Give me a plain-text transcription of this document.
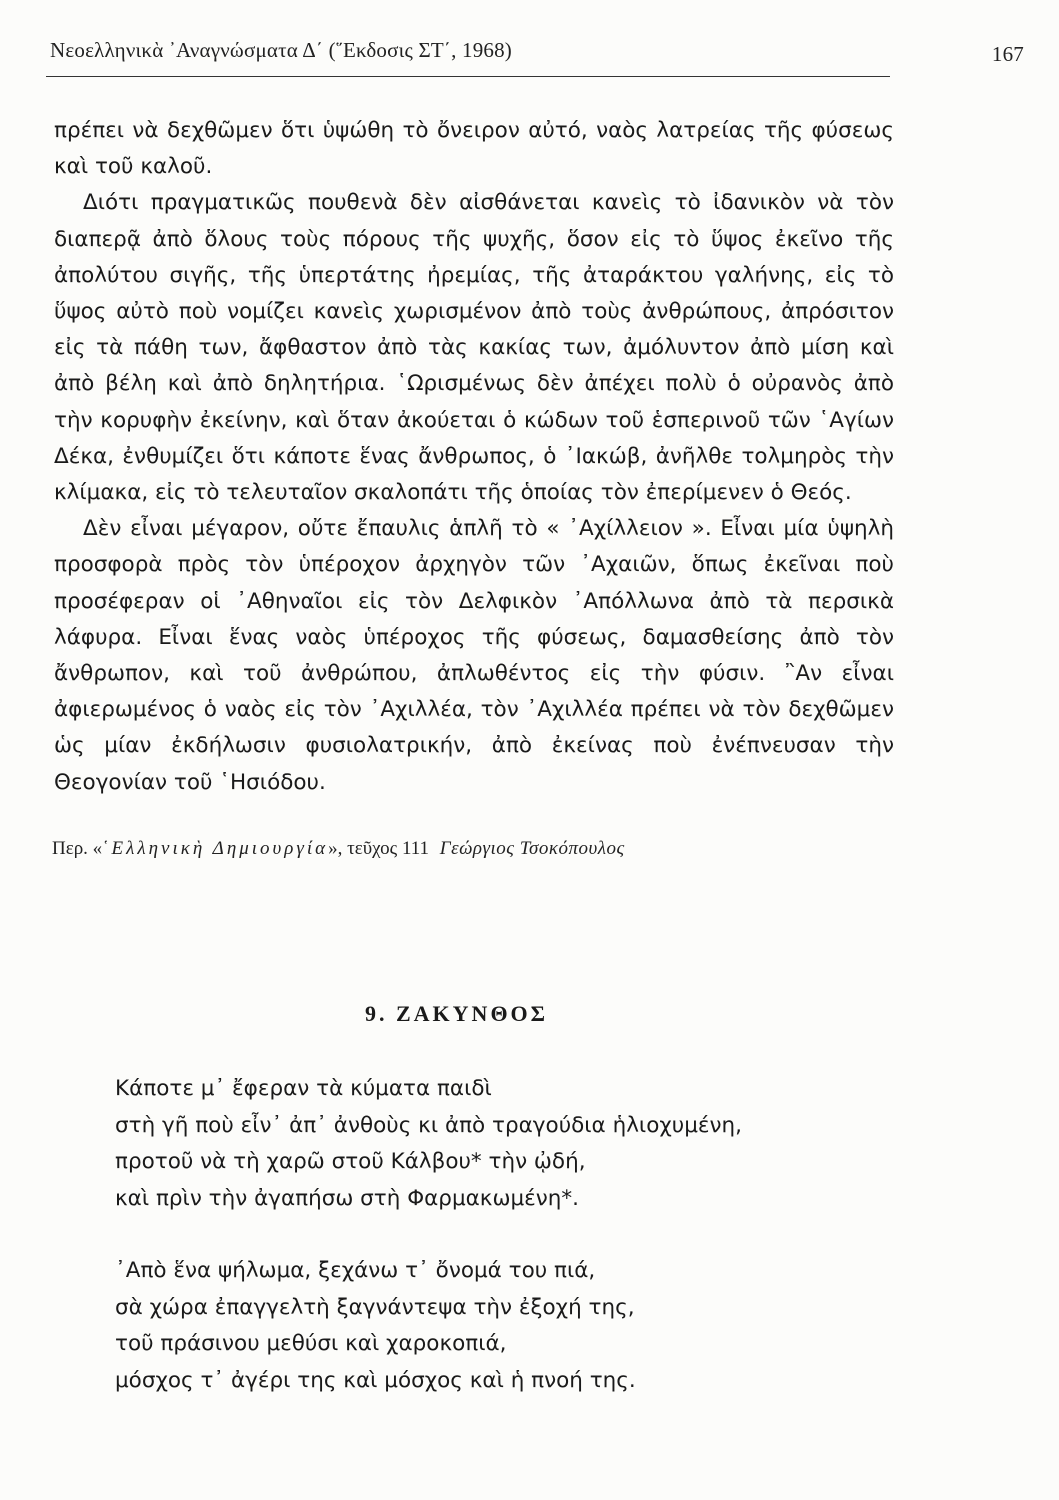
Νεοελληνικὰ ᾿Αναγνώσματα Δ΄ (῞Εκδοσις ΣΤ΄, 1968)	167

πρέπει νὰ δεχθῶμεν ὅτι ὑψώθη τὸ ὄνειρον αὐτό, ναὸς λατρείας τῆς φύσεως καὶ τοῦ καλοῦ.

Διότι πραγματικῶς πουθενὰ δὲν αἰσθάνεται κανεὶς τὸ ἰδανικὸν νὰ τὸν διαπερᾷ ἀπὸ ὅλους τοὺς πόρους τῆς ψυχῆς, ὅσον εἰς τὸ ὕψος ἐκεῖνο τῆς ἀπολύτου σιγῆς, τῆς ὑπερτάτης ἠρεμίας, τῆς ἀταράκτου γαλήνης, εἰς τὸ ὕψος αὐτὸ ποὺ νομίζει κανεὶς χωρισμένον ἀπὸ τοὺς ἀνθρώπους, ἀπρόσιτον εἰς τὰ πάθη των, ἄφθαστον ἀπὸ τὰς κακίας των, ἀμόλυντον ἀπὸ μίση καὶ ἀπὸ βέλη καὶ ἀπὸ δηλητήρια. ῾Ωρισμένως δὲν ἀπέχει πολὺ ὁ οὐρανὸς ἀπὸ τὴν κορυφὴν ἐκείνην, καὶ ὅταν ἀκούεται ὁ κώδων τοῦ ἑσπερινοῦ τῶν ῾Αγίων Δέκα, ἐνθυμίζει ὅτι κάποτε ἕνας ἄνθρωπος, ὁ ᾿Ιακώβ, ἀνῆλθε τολμηρὸς τὴν κλίμακα, εἰς τὸ τελευταῖον σκαλοπάτι τῆς ὁποίας τὸν ἐπερίμενεν ὁ Θεός.

Δὲν εἶναι μέγαρον, οὔτε ἔπαυλις ἁπλῆ τὸ « ᾿Αχίλλειον ». Εἶναι μία ὑψηλὴ προσφορὰ πρὸς τὸν ὑπέροχον ἀρχηγὸν τῶν ᾿Αχαιῶν, ὅπως ἐκεῖναι ποὺ προσέφεραν οἱ ᾿Αθηναῖοι εἰς τὸν Δελφικὸν ᾿Απόλλωνα ἀπὸ τὰ περσικὰ λάφυρα. Εἶναι ἕνας ναὸς ὑπέροχος τῆς φύσεως, δαμασθείσης ἀπὸ τὸν ἄνθρωπον, καὶ τοῦ ἀνθρώπου, ἀπλωθέντος εἰς τὴν φύσιν. ῍Αν εἶναι ἀφιερωμένος ὁ ναὸς εἰς τὸν ᾿Αχιλλέα, τὸν ᾿Αχιλλέα πρέπει νὰ τὸν δεχθῶμεν ὡς μίαν ἐκδήλωσιν φυσιολατρικήν, ἀπὸ ἐκείνας ποὺ ἐνέπνευσαν τὴν Θεογονίαν τοῦ ῾Ησιόδου.

Περ. «῾Ελληνικὴ Δημιουργία», τεῦχος 111 Γεώργιος Τσοκόπουλος
9. ΖΑΚΥΝΘΟΣ
Κάποτε μ᾿ ἔφεραν τὰ κύματα παιδὶ
στὴ γῆ ποὺ εἶν᾿ ἀπ᾿ ἀνθοὺς κι ἀπὸ τραγούδια ἡλιοχυμένη,
προτοῦ νὰ τὴ χαρῶ στοῦ Κάλβου* τὴν ᾠδή,
καὶ πρὶν τὴν ἀγαπήσω στὴ Φαρμακωμένη*.
᾿Απὸ ἕνα ψήλωμα, ξεχάνω τ᾿ ὄνομά του πιά,
σὰ χώρα ἐπαγγελτὴ ξαγνάντεψα τὴν ἐξοχή της,
τοῦ πράσινου μεθύσι καὶ χαροκοπιά,
μόσχος τ᾿ ἀγέρι της καὶ μόσχος καὶ ἡ πνοή της.
